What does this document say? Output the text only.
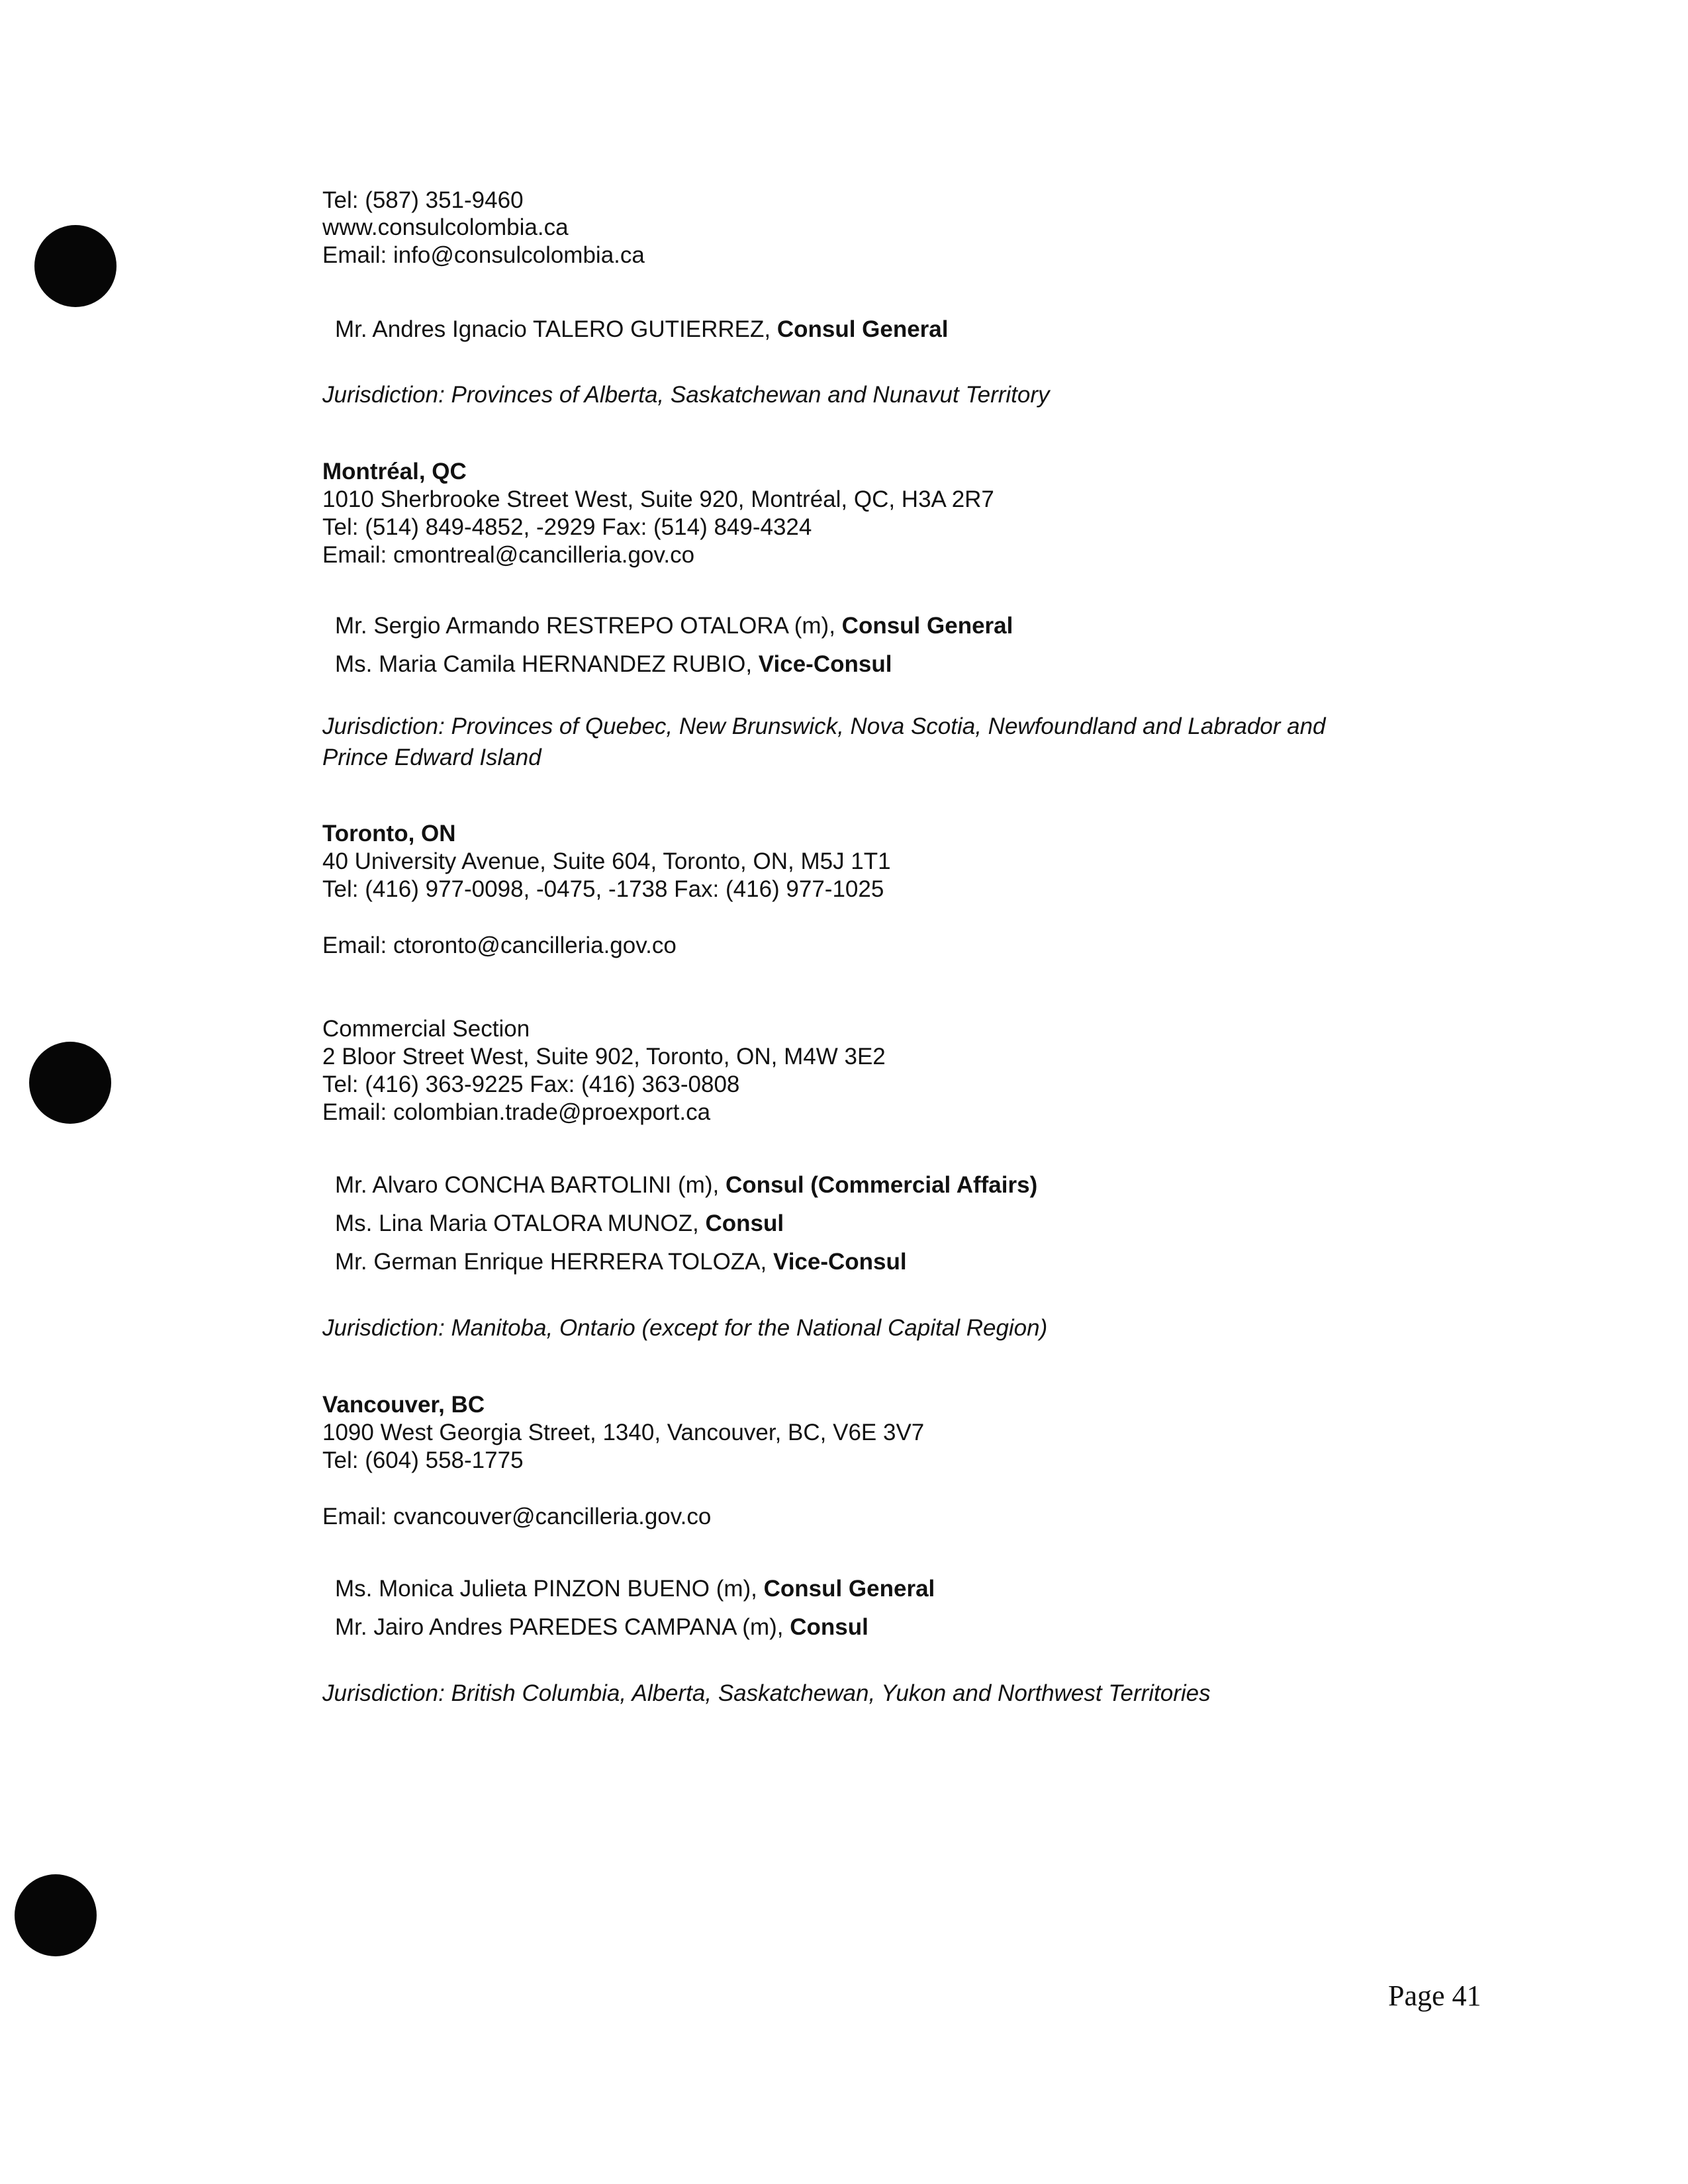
Tel: (587) 351-9460

www.consulcolombia.ca

Email: info@consulcolombia.ca

Mr. Andres Ignacio TALERO GUTIERREZ, Consul General

Jurisdiction: Provinces of Alberta, Saskatchewan and Nunavut Territory

Montréal, QC

1010 Sherbrooke Street West, Suite 920, Montréal, QC, H3A 2R7

Tel: (514) 849-4852, -2929 Fax: (514) 849-4324

Email: cmontreal@cancilleria.gov.co

Mr. Sergio Armando RESTREPO OTALORA (m), Consul General

Ms. Maria Camila HERNANDEZ RUBIO, Vice-Consul

Jurisdiction: Provinces of Quebec, New Brunswick, Nova Scotia, Newfoundland and Labrador and

Prince Edward Island

Toronto, ON

40 University Avenue, Suite 604, Toronto, ON, M5J 1T1

Tel: (416) 977-0098, -0475, -1738 Fax: (416) 977-1025

Email: ctoronto@cancilleria.gov.co

Commercial Section

2 Bloor Street West, Suite 902, Toronto, ON, M4W 3E2

Tel: (416) 363-9225 Fax: (416) 363-0808

Email: colombian.trade@proexport.ca

Mr. Alvaro CONCHA BARTOLINI (m), Consul (Commercial Affairs)

Ms. Lina Maria OTALORA MUNOZ, Consul

Mr. German Enrique HERRERA TOLOZA, Vice-Consul

Jurisdiction: Manitoba, Ontario (except for the National Capital Region)

Vancouver, BC

1090 West Georgia Street, 1340, Vancouver, BC, V6E 3V7

Tel: (604) 558-1775

Email: cvancouver@cancilleria.gov.co

Ms. Monica Julieta PINZON BUENO (m), Consul General

Mr. Jairo Andres PAREDES CAMPANA (m), Consul

Jurisdiction: British Columbia, Alberta, Saskatchewan, Yukon and Northwest Territories

Page 41
